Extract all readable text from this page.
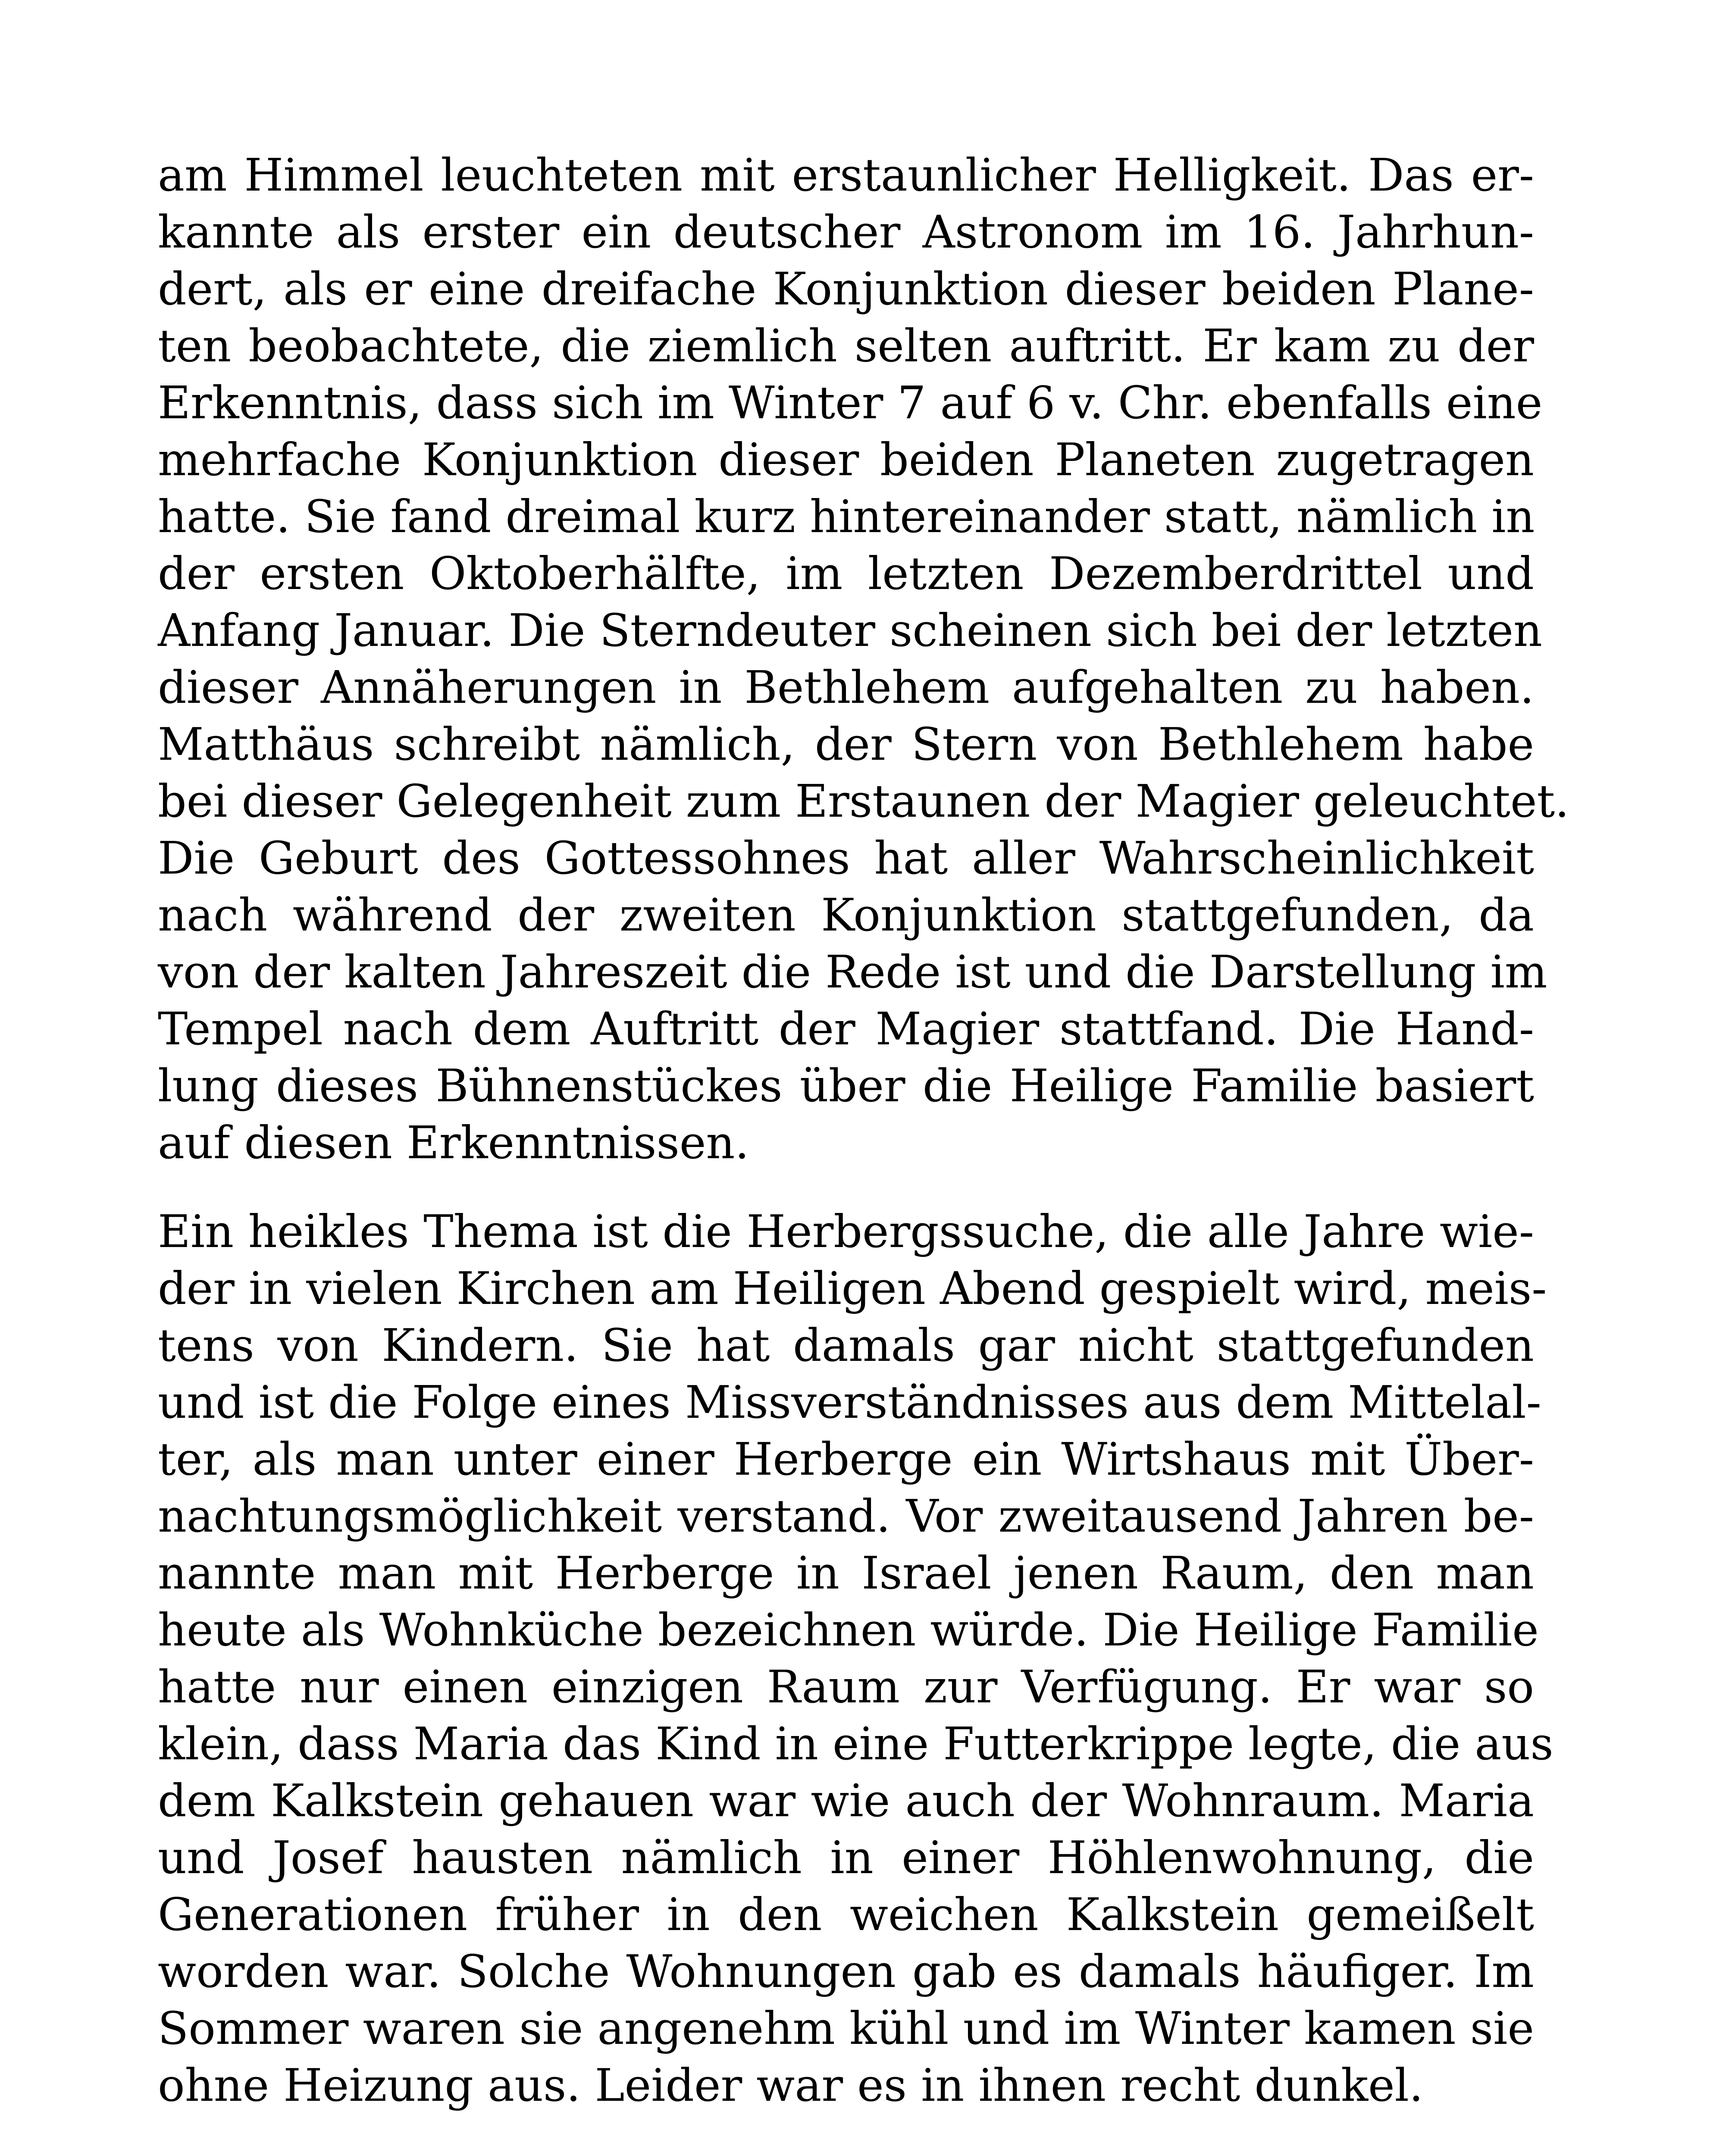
am Himmel leuchteten mit erstaunlicher Helligkeit. Das er-
kannte als erster ein deutscher Astronom im 16. Jahrhun-
dert, als er eine dreifache Konjunktion dieser beiden Plane-
ten beobachtete, die ziemlich selten auftritt. Er kam zu der
Erkenntnis, dass sich im Winter 7 auf 6 v. Chr. ebenfalls eine
mehrfache Konjunktion dieser beiden Planeten zugetragen
hatte. Sie fand dreimal kurz hintereinander statt, nämlich in
der ersten Oktoberhälfte, im letzten Dezemberdrittel und
Anfang Januar. Die Sterndeuter scheinen sich bei der letzten
dieser Annäherungen in Bethlehem aufgehalten zu haben.
Matthäus schreibt nämlich, der Stern von Bethlehem habe
bei dieser Gelegenheit zum Erstaunen der Magier geleuchtet.
Die Geburt des Gottessohnes hat aller Wahrscheinlichkeit
nach während der zweiten Konjunktion stattgefunden, da
von der kalten Jahreszeit die Rede ist und die Darstellung im
Tempel nach dem Auftritt der Magier stattfand. Die Hand-
lung dieses Bühnenstückes über die Heilige Familie basiert
auf diesen Erkenntnissen.

Ein heikles Thema ist die Herbergssuche, die alle Jahre wie-
der in vielen Kirchen am Heiligen Abend gespielt wird, meis-
tens von Kindern. Sie hat damals gar nicht stattgefunden
und ist die Folge eines Missverständnisses aus dem Mittelal-
ter, als man unter einer Herberge ein Wirtshaus mit Über-
nachtungsmöglichkeit verstand. Vor zweitausend Jahren be-
nannte man mit Herberge in Israel jenen Raum, den man
heute als Wohnküche bezeichnen würde. Die Heilige Familie
hatte nur einen einzigen Raum zur Verfügung. Er war so
klein, dass Maria das Kind in eine Futterkrippe legte, die aus
dem Kalkstein gehauen war wie auch der Wohnraum. Maria
und Josef hausten nämlich in einer Höhlenwohnung, die
Generationen früher in den weichen Kalkstein gemeißelt
worden war. Solche Wohnungen gab es damals häufiger. Im
Sommer waren sie angenehm kühl und im Winter kamen sie
ohne Heizung aus. Leider war es in ihnen recht dunkel.
